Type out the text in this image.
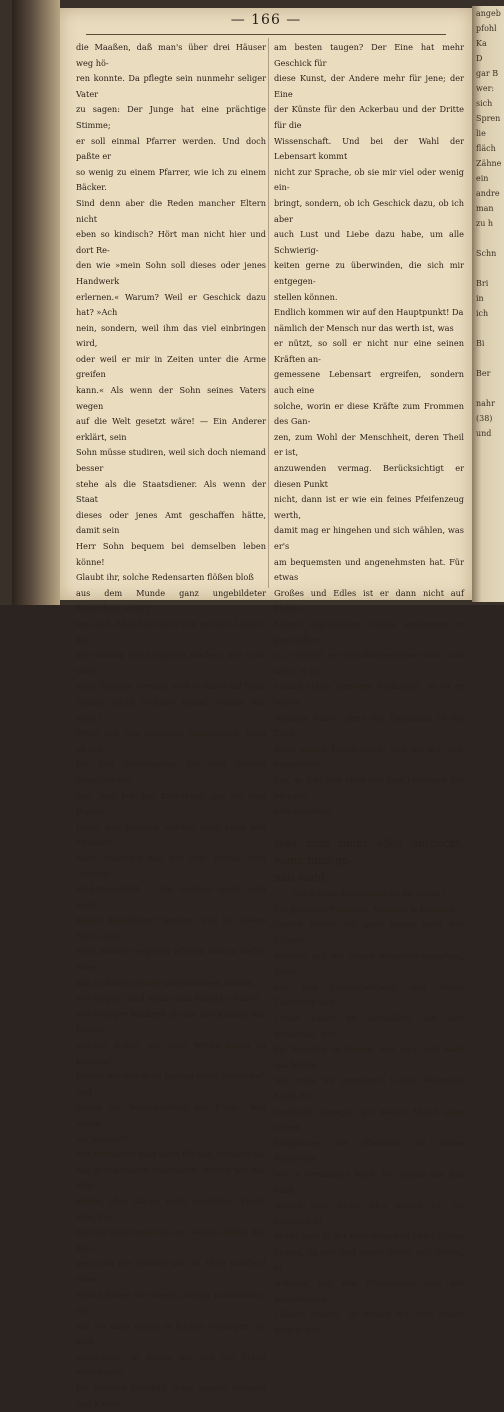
— 166 —

die Maaßen, daß man's über drei Häuser weg hö-

ren konnte. Da pflegte sein nunmehr seliger Vater

zu sagen: Der Junge hat eine prächtige Stimme;

er soll einmal Pfarrer werden. Und doch paßte er

so wenig zu einem Pfarrer, wie ich zu einem Bäcker.

Sind denn aber die Reden mancher Eltern nicht

eben so kindisch? Hört man nicht hier und dort Re-

den wie »mein Sohn soll dieses oder jenes Handwerk

erlernen.« Warum? Weil er Geschick dazu hat? »Ach

nein, sondern, weil ihm das viel einbringen wird,

oder weil er mir in Zeiten unter die Arme greifen

kann.« Als wenn der Sohn seines Vaters wegen

auf die Welt gesetzt wäre! — Ein Anderer erklärt, sein

Sohn müsse studiren, weil sich doch niemand besser

stehe als die Staatsdiener. Als wenn der Staat

dieses oder jenes Amt geschaffen hätte, damit sein

Herr Sohn bequem bei demselben leben könne!

Glaubt ihr, solche Redensarten flößen bloß

aus dem Munde ganz ungebildeter Menschen, so irrt

ihr euch. Man hört auch von solchen Leuten, die

auf Bildung viel Anspruch machen, der Sohn solle

nicht Tischler werden, weil er dabei auf hohe

Aemter nicht rechnen könne. Warum das nicht?

Wenn sich das Söhnchen auszeichnet, kann es sich

bei den Protestanten bis zum Bischof hinaufschwin-

gen, und bei den Katholiken gar bis zum Papste.

Unter den Jesuiten werden auch nicht alle Minister,

noch bringen's alle bei dem Militär zum General-

Feld-Marschall. — Ein Anderer meint, sein Sohn

müsse Schullehrer werden, weil in diesem Fache doch

viele Stellen vergeben würden und zu hoffen wäre,

daß er dabei schnell unterkommen könnte.

Wir fragen: Sind solche und ähnliche Reden

viel weniger kindisch als die des Kindes, das Bäcker

werden wollte, um viele Wecke essen zu können?

Halten wir uns doch hierbei nicht weiter auf, und

gehen zur Beantwortung der Frage: Was sollen

wir werden?

Wir Menschen sind nicht für uns, sondern für

das große Ganze geschaffen, wovon wir nur sehr

kleine, aber darum nicht unnöthige Theile sind. Fra-

gen wir also zunächst uns, welche Kräfte des Kör-

pers und des Geistes uns zu Theil wurden? Diese

Kräfte haben wir zuerst tüchtig auszubilden, da-

mit wir auch etwas zu leisten vermögen. Ist dies

geschehen, so haben wir uns die Frage vorzulegen,

für welches Geschäft diese unsere Anlagen und Kräfte

am besten taugen? Der Eine hat mehr Geschick für

diese Kunst, der Andere mehr für jene; der Eine

der Künste für den Ackerbau und der Dritte für die

Wissenschaft. Und bei der Wahl der Lebensart kommt

nicht zur Sprache, ob sie mir viel oder wenig ein-

bringt, sondern, ob ich Geschick dazu, ob ich aber

auch Lust und Liebe dazu habe, um alle Schwierig-

keiten gerne zu überwinden, die sich mir entgegen-

stellen können.

Endlich kommen wir auf den Hauptpunkt! Da

nämlich der Mensch nur das werth ist, was

er nützt, so soll er nicht nur eine seinen Kräften an-

gemessene Lebensart ergreifen, sondern auch eine

solche, worin er diese Kräfte zum Frommen des Gan-

zen, zum Wohl der Menschheit, deren Theil er ist,

anzuwenden vermag. Berücksichtigt er diesen Punkt

nicht, dann ist er wie ein feines Pfeifenzeug werth,

damit mag er hingehen und sich wählen, was er's

am bequemsten und angenehmsten hat. Für etwas

Großes und Edles ist er dann nicht auf Erden.

Seinen eigentlichen Zweck, wozwegen er geschaffen

ist, erreicht er vermißlicherweise nicht, und wenn er ja

einmal etwas Besseres wollbringt, so ist es seines

Nutzens willen, denn der Eigennutz ist die Trieb-

feder seiner Handlungen, und wo der sich eingenistet

hat, da läßt sich nicht viel zum Frommen der Mensch-

heit erwarten.

Was man nicht alles entdeckt, wenn man ge-

nau sieht.

(Noch einer Ausweisung für die Zähne.)

Ein gewisser Franzose, Namens la Beaume

(sprich Bohm) hat ganz genau nach den Zähnen,

versteht sich mit einem Vergrößerungsglase, gese-

hen und herausgebracht, daß kleine Thierchen sich

Zellen bauen an denselben, die sich verhärten, wie

die Korallen im Meere, und nach und nach das bilden,

was man im gemeinen Leben Weinstein heißt. Er

empfiehlt dagegen als bestes Mittel ganz reinen

Essigsäure, die allenfalls mit etwas Rosenwas-

ser zu verdünnen wäre. Wir sagen ihm das nach,

wissen aber nicht, ob's probat ist. Da indessen so

viele Leute in der Welt wegen zu übler Zähne

klagen, da und dort sogar Dörfer sich finden, in

welchen fast alle Erwachsene sich mit verdorbenen

Zähnen quälen, so wollen wir hier einige Regeln den

angeb
pfohl
Ka
D
gar B
wer:
sich
Spren
lie
fläch
Zähne
ein
andre
man
zu h

Schn

Bri
in
ich

Bi

Ber

nahr
(38)
und
